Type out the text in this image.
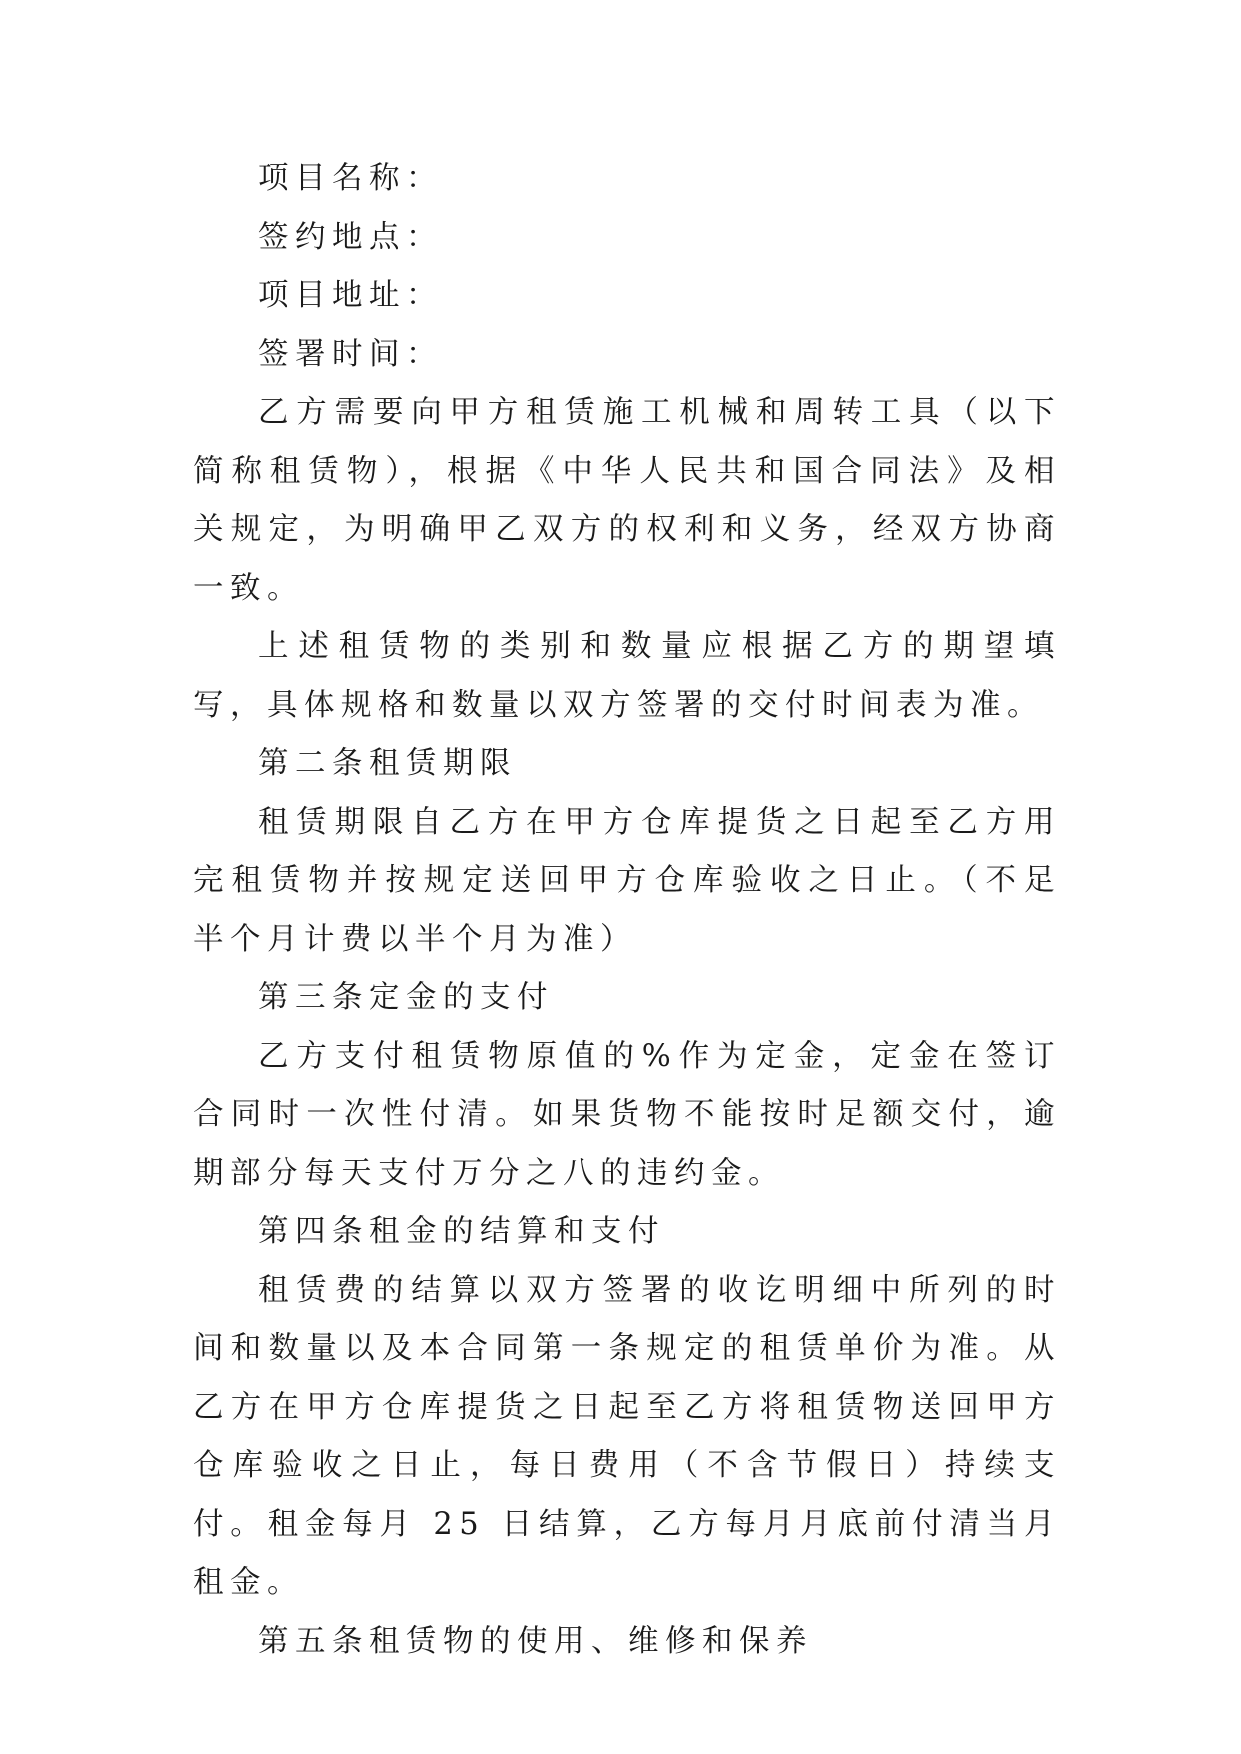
项目名称：

签约地点：

项目地址：

签署时间：

乙方需要向甲方租赁施工机械和周转工具（以下简称租赁物），根据《中华人民共和国合同法》及相关规定，为明确甲乙双方的权利和义务，经双方协商一致。

上述租赁物的类别和数量应根据乙方的期望填写，具体规格和数量以双方签署的交付时间表为准。

第二条租赁期限

租赁期限自乙方在甲方仓库提货之日起至乙方用完租赁物并按规定送回甲方仓库验收之日止。（不足半个月计费以半个月为准）

第三条定金的支付

乙方支付租赁物原值的%作为定金，定金在签订合同时一次性付清。如果货物不能按时足额交付，逾期部分每天支付万分之八的违约金。

第四条租金的结算和支付

租赁费的结算以双方签署的收讫明细中所列的时间和数量以及本合同第一条规定的租赁单价为准。从乙方在甲方仓库提货之日起至乙方将租赁物送回甲方仓库验收之日止，每日费用（不含节假日）持续支付。租金每月 25 日结算，乙方每月月底前付清当月租金。

第五条租赁物的使用、维修和保养
